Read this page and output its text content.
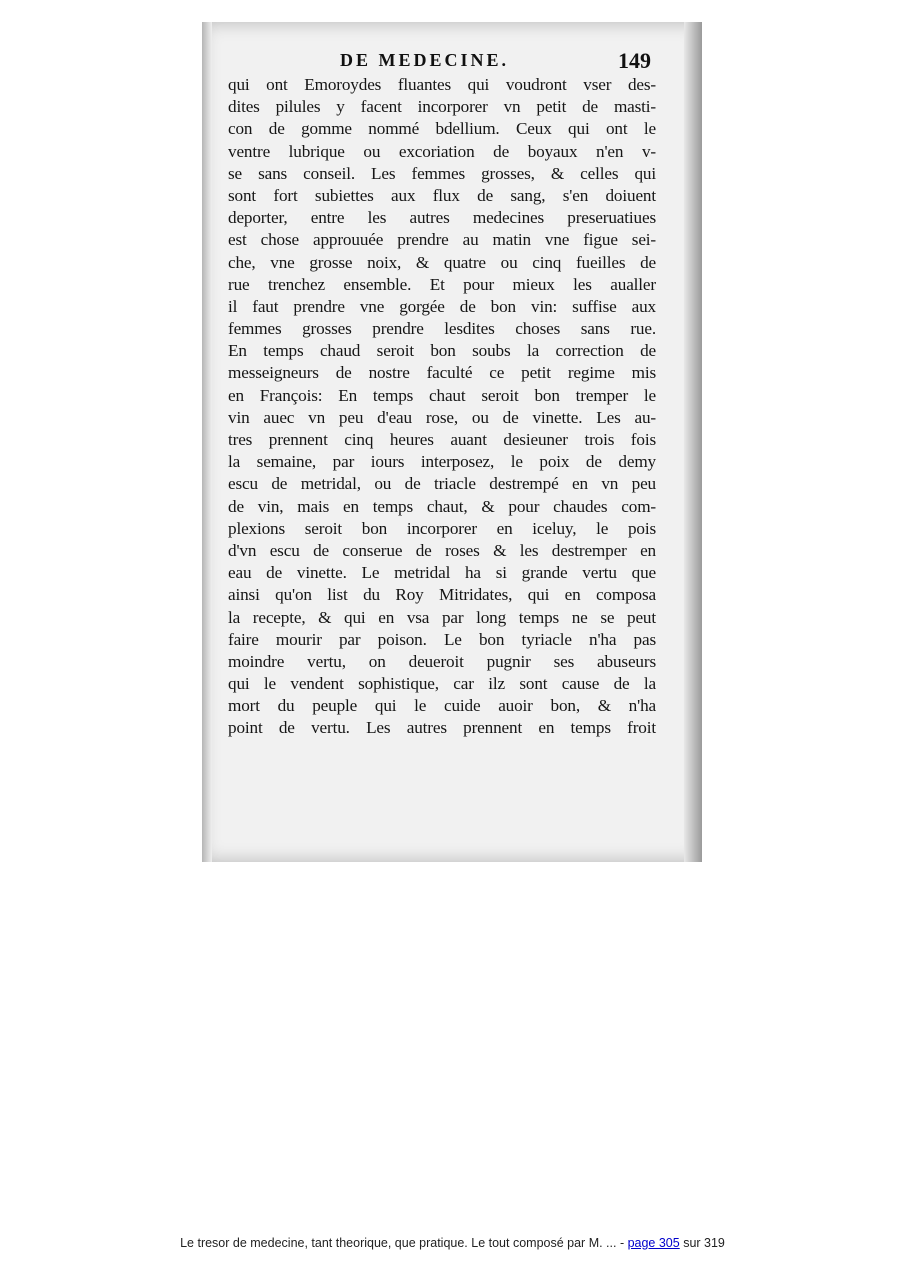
DE MEDECINE.	149
qui ont Emoroydes fluantes qui voudront vser des-
dites pilules y facent incorporer vn petit de masti-
con de gomme nommé bdellium. Ceux qui ont le
ventre lubrique ou excoriation de boyaux n'en v-
se sans conseil. Les femmes grosses, & celles qui
sont fort subiettes aux flux de sang, s'en doiuent
deporter, entre les autres medecines preseruatiues
est chose approuuée prendre au matin vne figue sei-
che, vne grosse noix, & quatre ou cinq fueilles de
rue trenchez ensemble. Et pour mieux les aualler
il faut prendre vne gorgée de bon vin: suffise aux
femmes grosses prendre lesdites choses sans rue.
En temps chaud seroit bon soubs la correction de
messeigneurs de nostre faculté ce petit regime mis
en François: En temps chaut seroit bon tremper le
vin auec vn peu d'eau rose, ou de vinette. Les au-
tres prennent cinq heures auant desieuner trois fois
la semaine, par iours interposez, le poix de demy
escu de metridal, ou de triacle destrempé en vn peu
de vin, mais en temps chaut, & pour chaudes com-
plexions seroit bon incorporer en iceluy, le pois
d'vn escu de conserue de roses & les destremper en
eau de vinette. Le metridal ha si grande vertu que
ainsi qu'on list du Roy Mitridates, qui en composa
la recepte, & qui en vsa par long temps ne se peut
faire mourir par poison. Le bon tyriacle n'ha pas
moindre vertu, on deueroit pugnir ses abuseurs
qui le vendent sophistique, car ilz sont cause de la
mort du peuple qui le cuide auoir bon, & n'ha
point de vertu. Les autres prennent en temps froit
Le tresor de medecine, tant theorique, que pratique. Le tout composé par M. ... - page 305 sur 319
